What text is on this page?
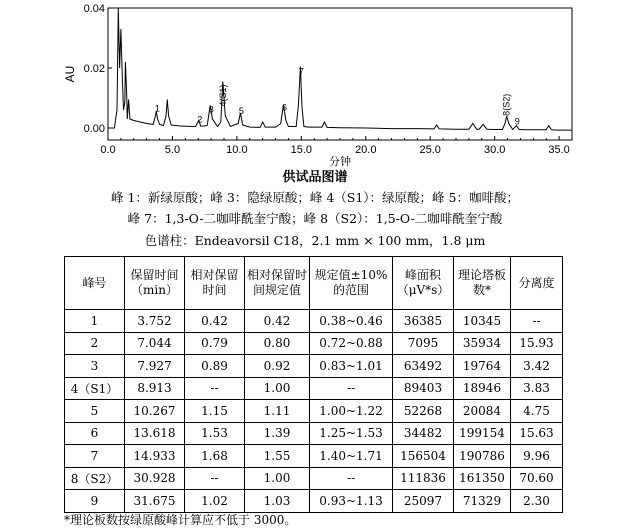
0.00
0.02
0.04
0.0	5.0	10.0	15.0	20.0	25.0	30.0	35.0
1
2
3
4(S1)
5	6
7
8(S2)
9
AU
分钟
供试品图谱
峰 1：新绿原酸；峰 3：隐绿原酸；峰 4（S1）：绿原酸；峰 5：咖啡酸；
峰 7：1,3-O-二咖啡酰奎宁酸；峰 8（S2）：1,5-O-二咖啡酰奎宁酸
色谱柱：Endeavorsil C18，2.1 mm × 100 mm，1.8 μm
峰号	保留时间（min）	相对保留时间	相对保留时间规定值	规定值±10%的范围	峰面积（μV*s）	理论塔板数*	分离度
1	3.752	0.42	0.42	0.38~0.46	36385	10345	--
2	7.044	0.79	0.80	0.72~0.88	7095	35934	15.93
3	7.927	0.89	0.92	0.83~1.01	63492	19764	3.42
4（S1）	8.913	--	1.00	--	89403	18946	3.83
5	10.267	1.15	1.11	1.00~1.22	52268	20084	4.75
6	13.618	1.53	1.39	1.25~1.53	34482	199154	15.63
7	14.933	1.68	1.55	1.40~1.71	156504	190786	9.96
8（S2）	30.928	--	1.00	--	111836	161350	70.60
9	31.675	1.02	1.03	0.93~1.13	25097	71329	2.30
*理论板数按绿原酸峰计算应不低于 3000。
